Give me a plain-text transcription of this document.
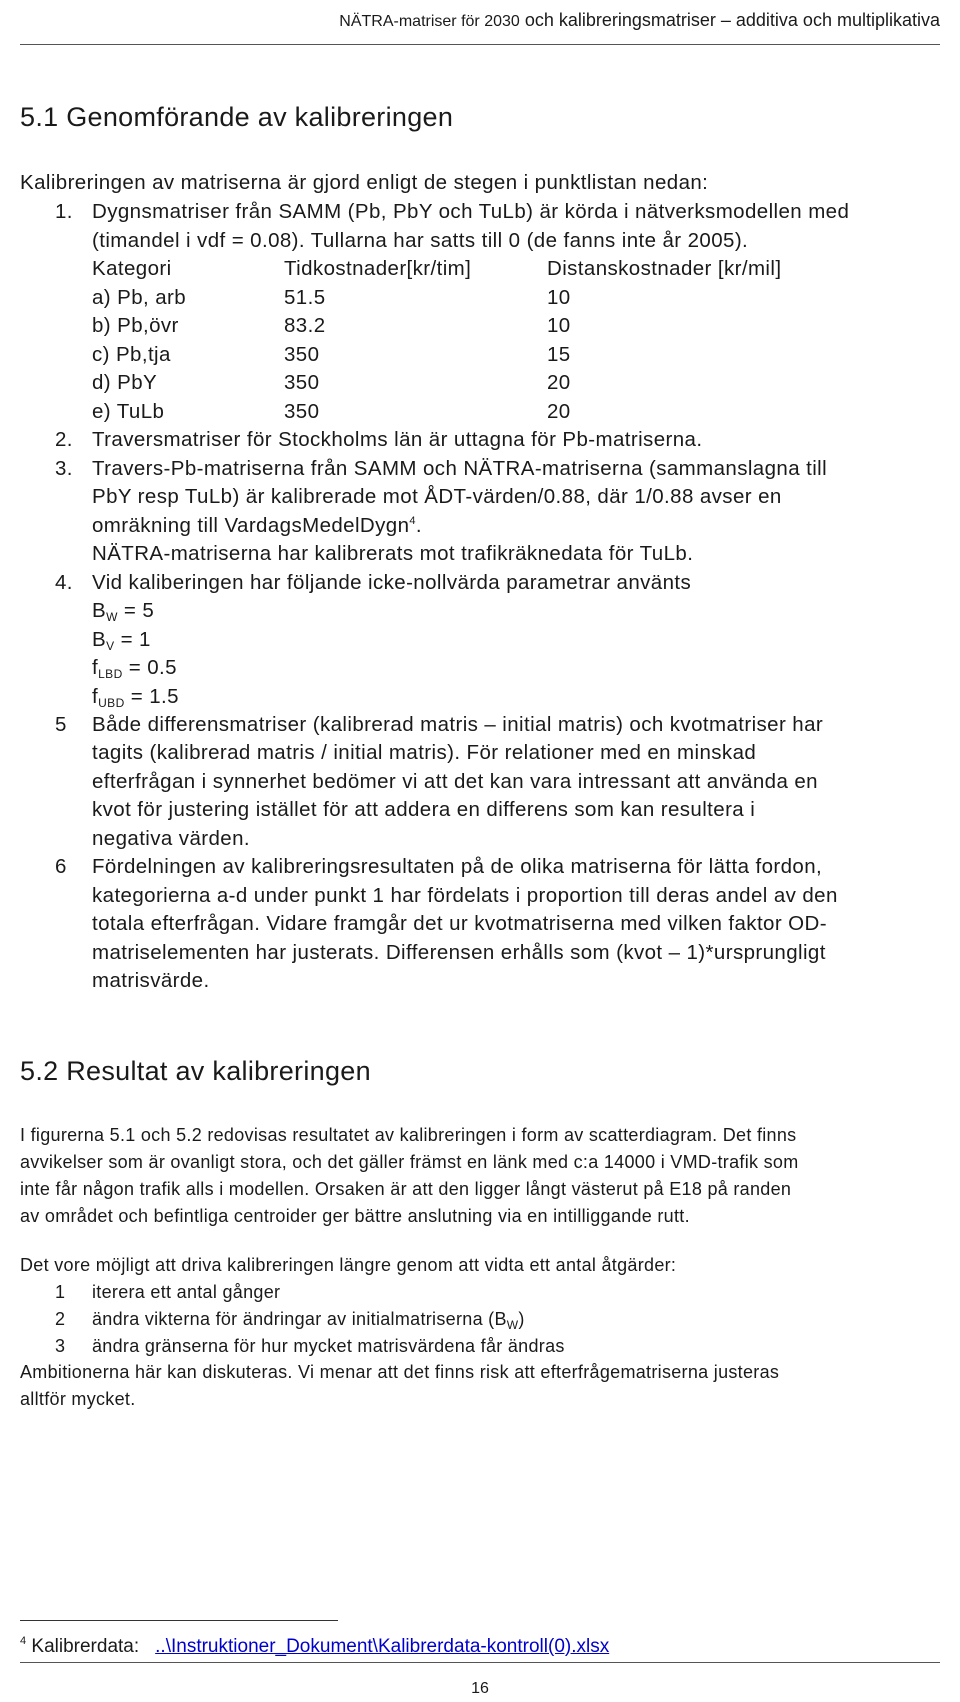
NÄTRA-matriser för 2030 och kalibreringsmatriser – additiva och multiplikativa
5.1 Genomförande av kalibreringen
Kalibreringen av matriserna är gjord enligt de stegen i punktlistan nedan:
1. Dygnsmatriser från SAMM (Pb, PbY och TuLb) är körda i nätverksmodellen med
(timandel i vdf = 0.08). Tullarna har satts till 0 (de fanns inte år 2005).
Kategori	Tidkostnader[kr/tim]	Distanskostnader [kr/mil]
a) Pb, arb	51.5	10
b) Pb,övr	83.2	10
c) Pb,tja	350	15
d) PbY	350	20
e) TuLb	350	20
2. Traversmatriser för Stockholms län är uttagna för Pb-matriserna.
3. Travers-Pb-matriserna från SAMM och NÄTRA-matriserna (sammanslagna till
PbY resp TuLb) är kalibrerade mot ÅDT-värden/0.88, där 1/0.88 avser en
omräkning till VardagsMedelDygn$^4$.
NÄTRA-matriserna har kalibrerats mot trafikräknedata för TuLb.
4. Vid kaliberingen har följande icke-nollvärda parametrar använts
$B_W = 5$
$B_V = 1$
$f_{LBD} = 0.5$
$f_{UBD} = 1.5$
5 Både differensmatriser (kalibrerad matris – initial matris) och kvotmatriser har
tagits (kalibrerad matris / initial matris). För relationer med en minskad
efterfrågan i synnerhet bedömer vi att det kan vara intressant att använda en
kvot för justering istället för att addera en differens som kan resultera i
negativa värden.
6 Fördelningen av kalibreringsresultaten på de olika matriserna för lätta fordon,
kategorierna a-d under punkt 1 har fördelats i proportion till deras andel av den
totala efterfrågan. Vidare framgår det ur kvotmatriserna med vilken faktor OD-
matriselementen har justerats. Differensen erhålls som (kvot – 1)*ursprungligt
matrisvärde.
5.2 Resultat av kalibreringen
I figurerna 5.1 och 5.2 redovisas resultatet av kalibreringen i form av scatterdiagram. Det finns
avvikelser som är ovanligt stora, och det gäller främst en länk med c:a 14000 i VMD-trafik som
inte får någon trafik alls i modellen. Orsaken är att den ligger långt västerut på E18 på randen
av området och befintliga centroider ger bättre anslutning via en intilliggande rutt.
Det vore möjligt att driva kalibreringen längre genom att vidta ett antal åtgärder:
1 iterera ett antal gånger
2 ändra vikterna för ändringar av initialmatriserna $(B_W)$
3 ändra gränserna för hur mycket matrisvärdena får ändras
Ambitionerna här kan diskuteras. Vi menar att det finns risk att efterfrågematriserna justeras
alltför mycket.
$^4$ Kalibrerdata: ..\Instruktioner_Dokument\Kalibrerdata-kontroll(0).xlsx
16
